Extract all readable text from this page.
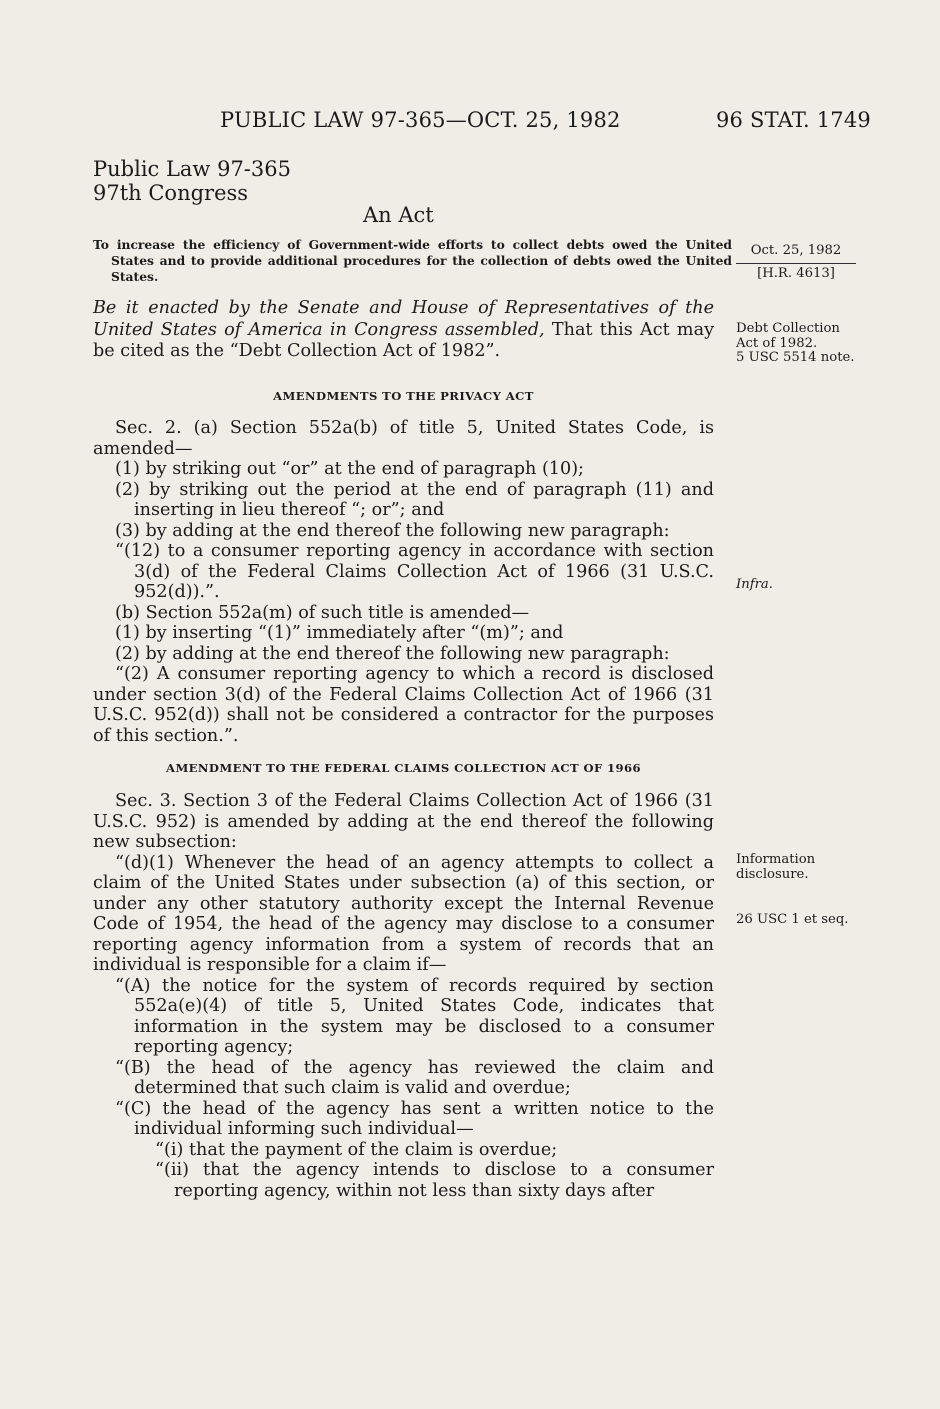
PUBLIC LAW 97-365—OCT. 25, 1982	96 STAT. 1749
Public Law 97-365
97th Congress
An Act
To increase the efficiency of Government-wide efforts to collect debts owed the United States and to provide additional procedures for the collection of debts owed the United States.
Be it enacted by the Senate and House of Representatives of the United States of America in Congress assembled, That this Act may be cited as the “Debt Collection Act of 1982”.
AMENDMENTS TO THE PRIVACY ACT

Sec. 2. (a) Section 552a(b) of title 5, United States Code, is amended—

(1) by striking out “or” at the end of paragraph (10);

(2) by striking out the period at the end of paragraph (11) and inserting in lieu thereof “; or”; and

(3) by adding at the end thereof the following new paragraph:

“(12) to a consumer reporting agency in accordance with section 3(d) of the Federal Claims Collection Act of 1966 (31 U.S.C. 952(d)).”.

(b) Section 552a(m) of such title is amended—

(1) by inserting “(1)” immediately after “(m)”; and

(2) by adding at the end thereof the following new paragraph:

“(2) A consumer reporting agency to which a record is disclosed under section 3(d) of the Federal Claims Collection Act of 1966 (31 U.S.C. 952(d)) shall not be considered a contractor for the purposes of this section.”.

AMENDMENT TO THE FEDERAL CLAIMS COLLECTION ACT OF 1966

Sec. 3. Section 3 of the Federal Claims Collection Act of 1966 (31 U.S.C. 952) is amended by adding at the end thereof the following new subsection:

“(d)(1) Whenever the head of an agency attempts to collect a claim of the United States under subsection (a) of this section, or under any other statutory authority except the Internal Revenue Code of 1954, the head of the agency may disclose to a consumer reporting agency information from a system of records that an individual is responsible for a claim if—

“(A) the notice for the system of records required by section 552a(e)(4) of title 5, United States Code, indicates that information in the system may be disclosed to a consumer reporting agency;

“(B) the head of the agency has reviewed the claim and determined that such claim is valid and overdue;

“(C) the head of the agency has sent a written notice to the individual informing such individual—

“(i) that the payment of the claim is overdue;

“(ii) that the agency intends to disclose to a consumer reporting agency, within not less than sixty days after

Oct. 25, 1982
[H.R. 4613]
Debt Collection
Act of 1982.
5 USC 5514 note.
Infra.
Information
disclosure.
26 USC 1 et seq.
